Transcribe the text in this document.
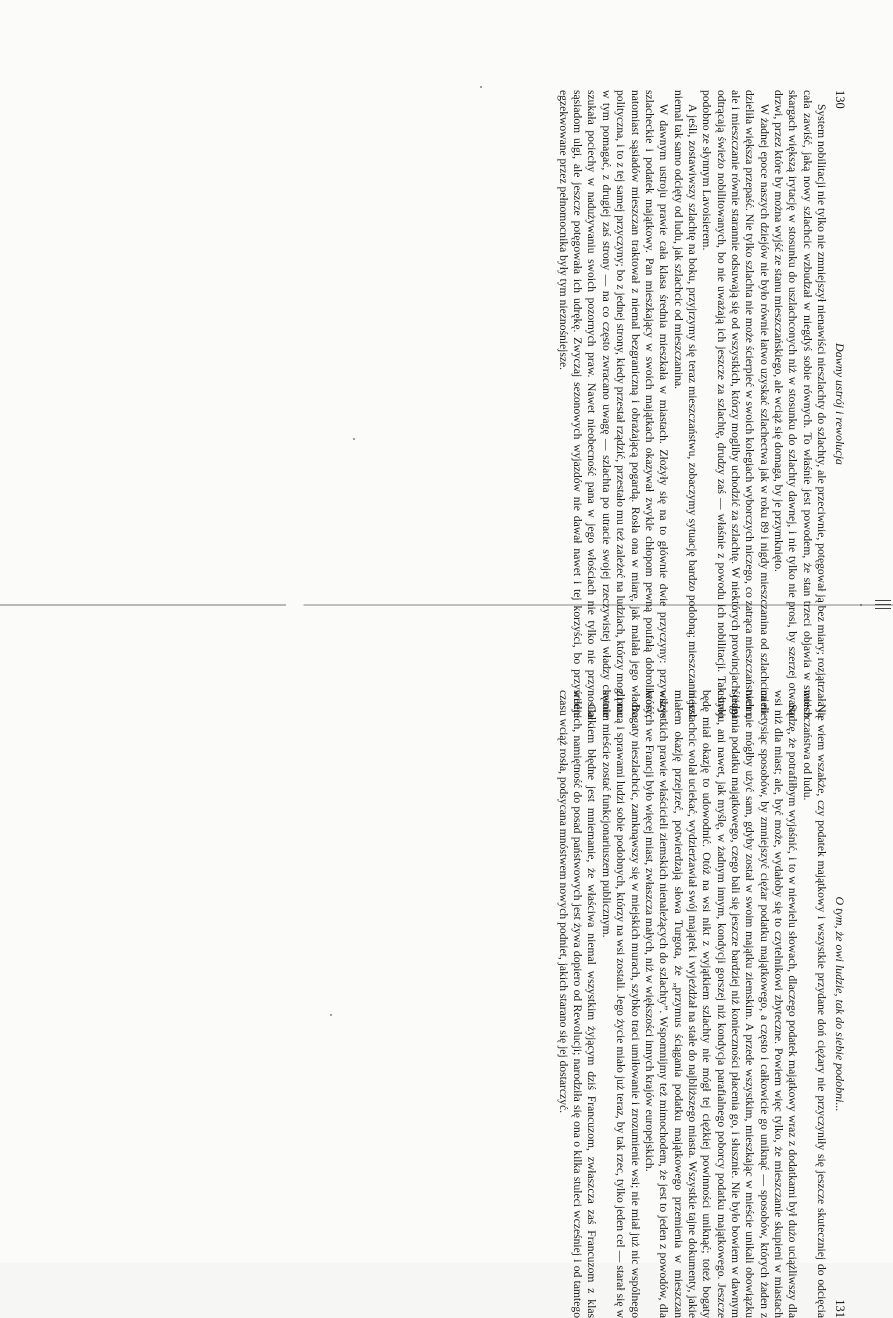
130
Dawny ustrój i rewolucja

System nobilitacji nie tylko nie zmniejszył nienawiści nieszlachty do szlachty, ale przeciwnie, potęgował ją bez miary; rozjątrzała ją cała zawiść, jaką nowy szlachcic wzbudzał w niegdyś sobie równych. To właśnie jest powodem, że stan trzeci objawia w swoich skargach większą irytację w stosunku do uszlachconych niż w stosunku do szlachty dawnej, i nie tylko nie prosi, by szerzej otwarto drzwi, przez które by można wyjść ze stanu mieszczańskiego, ale wciąż się domaga, by je przymknięto.

W żadnej epoce naszych dziejów nie było równie łatwo uzyskać szlachectwa jak w roku 89 i nigdy mieszczanina od szlachcica nie dzieliła większa przepaść. Nie tylko szlachta nie może ścierpieć w swoich kolegiach wyborczych niczego, co zatrąca mieszczaństwem, ale i mieszczanie równie starannie odsuwają się od wszystkich, którzy mogliby uchodzić za szlachtę. W niektórych prowincjach jedni odtrącają świeżo nobilitowanych, bo nie uważają ich jeszcze za szlachtę, drudzy zaś — właśnie z powodu ich nobilitacji. Tak było podobno ze słynnym Lavoisierem.

A jeśli, zostawiwszy szlachtę na boku, przyjrzymy się teraz mieszczaństwu, zobaczymy sytuację bardzo podobną; mieszczanin jest niemal tak samo odcięty od ludu, jak szlachcic od mieszczanina.

W dawnym ustroju prawie cała klasa średnia mieszkała w miastach. Złożyły się na to głównie dwie przyczyny: przywileje szlacheckie i podatek majątkowy. Pan mieszkający w swoich majątkach okazywał zwykle chłopom pewną poufałą dobroliwość; natomiast sąsiadów mieszczan traktował z niemal bezgraniczną i obrażającą pogardą. Rosła ona w miarę, jak malała jego władza polityczna, i to z tej samej przyczyny; bo z jednej strony, kiedy przestał rządzić, przestało mu też zależeć na ludziach, którzy mogli mu w tym pomagać, z drugiej zaś strony — na co często zwracano uwagę — szlachta po utracie swojej rzeczywistej władzy chętnie szukała pociechy w nadużywaniu swoich pozornych praw. Nawet nieobecność pana w jego włościach nie tylko nie przynosiła sąsiadom ulgi, ale jeszcze potęgowała ich udrękę. Zwyczaj sezonowych wyjazdów nie dawał nawet i tej korzyści, bo przywileje egzekwowane przez pełnomocnika były tym nieznośniejsze.

O tym, że owi ludzie, tak do siebie podobni...
131

Nie wiem wszakże, czy podatek majątkowy i wszystkie przydane doń ciężary nie przyczyniły się jeszcze skuteczniej do odcięcia mieszczaństwa od ludu.

Sądzę, że potrafiłbym wyjaśnić, i to w niewielu słowach, dlaczego podatek majątkowy wraz z dodatkami był dużo uciążliwszy dla wsi niż dla miast; ale, być może, wydałoby się to czytelnikowi zbyteczne. Powiem więc tylko, że mieszczanie skupieni w miastach mieli tysiąc sposobów, by zmniejszyć ciężar podatku majątkowego, a często i całkowicie go uniknąć — sposobów, których żaden z nich nie mógłby użyć sam, gdyby został w swoim majątku ziemskim. A przede wszystkim, mieszkając w mieście unikali obowiązku ściągania podatku majątkowego, czego bali się jeszcze bardziej niż konieczności płacenia go, i słusznie. Nie było bowiem w dawnym ustroju, ani nawet, jak myślę, w żadnym innym, kondycji gorszej niż kondycja parafialnego poborcy podatku majątkowego. Jeszcze będę miał okazję to udowodnić. Otóż na wsi nikt z wyjątkiem szlachty nie mógł tej ciężkiej powinności uniknąć; toteż bogaty nieszlachcic wolał uciekać, wydzierżawiał swój majątek i wyjeżdżał na stałe do najbliższego miasta. Wszystkie tajne dokumenty, jakie miałem okazję przejrzeć, potwierdzają słowa Turgota, że „przymus ściągania podatku majątkowego przemienia w mieszczan wszystkich prawie właścicieli ziemskich nienależących do szlachty”. Wspomnijmy też mimochodem, że jest to jeden z powodów, dla których we Francji było więcej miast, zwłaszcza małych, niż w większości innych krajów europejskich.

Bogaty nieszlachcic, zamknąwszy się w miejskich murach, szybko traci umiłowanie i zrozumienie wsi; nie miał już nic wspólnego z pracą i sprawami ludzi sobie podobnych, którzy na wsi zostali. Jego życie miało już teraz, by tak rzec, tylko jeden cel — starał się w swoim mieście zostać funkcjonariuszem publicznym.

Całkiem błędne jest mniemanie, że właściwa niemal wszystkim żyjącym dziś Francuzom, zwłaszcza zaś Francuzom z klas średnich, namiętność do posad państwowych jest żywa dopiero od Rewolucji; narodziła się ona o kilka stuleci wcześniej i od tamtego czasu wciąż rosła, podsycana mnóstwem nowych podniet, jakich starano się jej dostarczyć.
